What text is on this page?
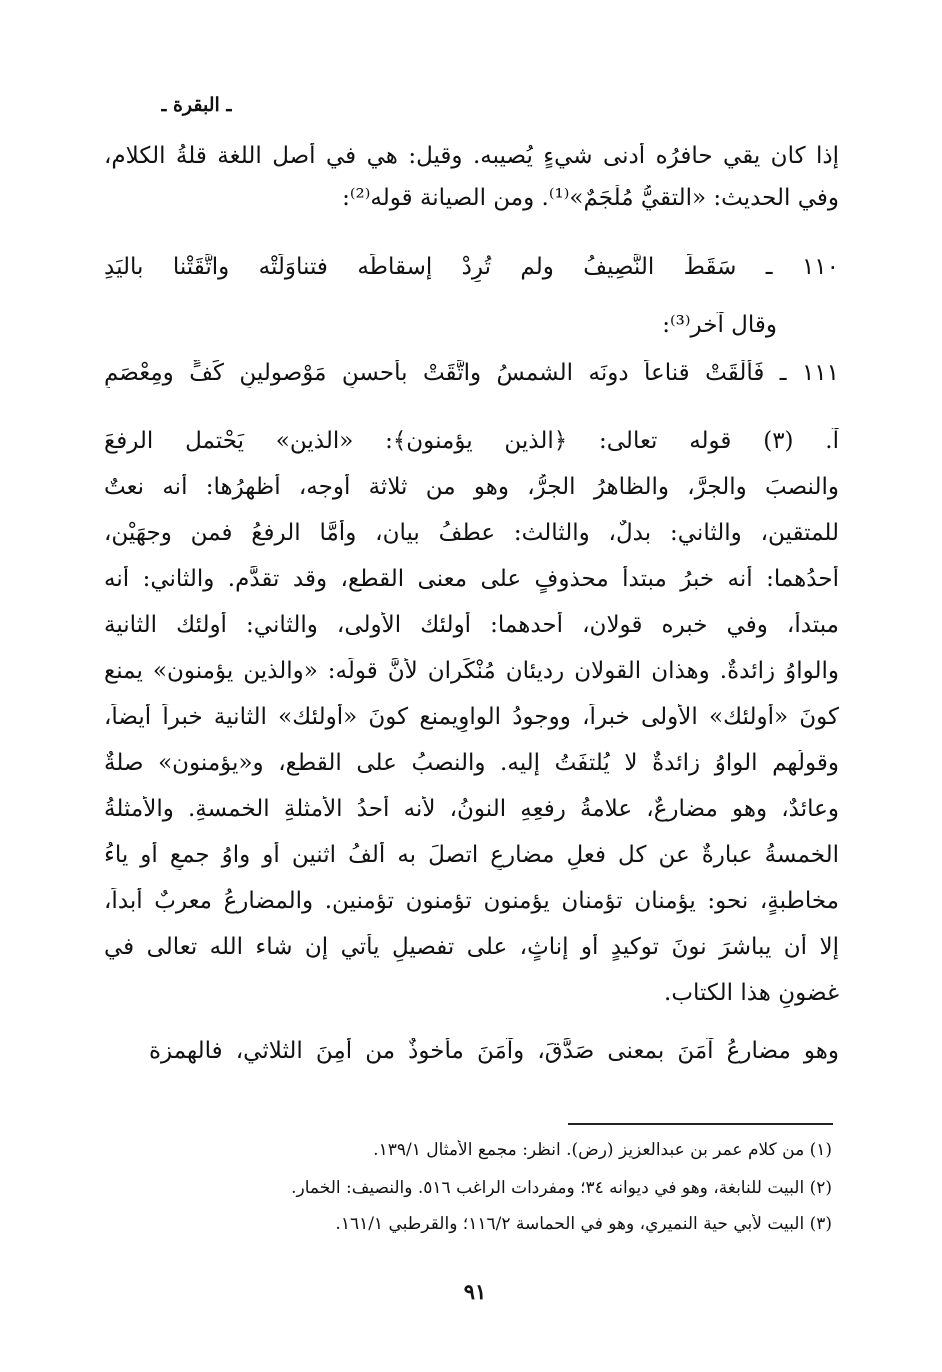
ـ البقرة ـ
إذا كان يقي حافرُه أدنى شيءٍ يُصيبه. وقيل: هي في أصل اللغة قلةُ الكلام،
وفي الحديث: «التقيُّ مُلْجَمٌ»⁽¹⁾. ومن الصيانة قوله⁽²⁾:
١١٠ ـ سَقَطَ النَّصِيفُ ولم تُرِدْ إسقاطَه فتناوَلَتْه واتَّقَتْنا باليَدِ
وقال آخر⁽³⁾:
١١١ ـ فَأَلْقَتْ قناعاً دونَه الشمسُ واتَّقَتْ بأحسنِ مَوْصولينِ كَفٍّ ومِعْصَمِ
آ. (٣) قوله تعالى: ﴿الذين يؤمنون﴾: «الذين» يَحْتمل الرفعَ
والنصبَ والجرَّ، والظاهرُ الجرُّ، وهو من ثلاثة أوجه، أظهرُها: أنه نعتٌ
للمتقين، والثاني: بدلٌ، والثالث: عطفُ بيان، وأمَّا الرفعُ فمن وجهَيْن،
أحدُهما: أنه خبرُ مبتدأ محذوفٍ على معنى القطع، وقد تقدَّم. والثاني: أنه
مبتدأ، وفي خبره قولان، أحدهما: أولئك الأولى، والثاني: أولئك الثانية
والواوُ زائدةٌ. وهذان القولان رديئان مُنْكَران لأنَّ قولَه: «والذين يؤمنون» يمنع
كونَ «أولئك» الأولى خبراً، ووجودُ الواوِيمنع كونَ «أولئك» الثانية خبراً أيضاً،
وقولُهم الواوُ زائدةٌ لا يُلتفَتُ إليه. والنصبُ على القطع، و«يؤمنون» صلةٌ
وعائدٌ، وهو مضارعٌ، علامةُ رفعِهِ النونُ، لأنه أحدُ الأمثلةِ الخمسةِ. والأمثلةُ
الخمسةُ عبارةٌ عن كل فعلٍ مضارعٍ اتصلَ به ألفُ اثنين أو واوُ جمعٍ أو ياءُ
مخاطبةٍ، نحو: يؤمنان تؤمنان يؤمنون تؤمنون تؤمنين. والمضارعُ معربٌ أبداً،
إلا أن يباشرَ نونَ توكيدٍ أو إناثٍ، على تفصيلٍ يأتي إن شاء الله تعالى في
غضونِ هذا الكتاب.
وهو مضارعُ آمَنَ بمعنى صَدَّقَ، وآمَنَ مأخوذٌ من أَمِنَ الثلاثي، فالهمزة
(١) من كلام عمر بن عبدالعزيز (رض). انظر: مجمع الأمثال ١٣٩/١.
(٢) البيت للنابغة، وهو في ديوانه ٣٤؛ ومفردات الراغب ٥١٦. والنصيف: الخمار.
(٣) البيت لأبي حية النميري، وهو في الحماسة ١١٦/٢؛ والقرطبي ١٦١/١.
٩١
